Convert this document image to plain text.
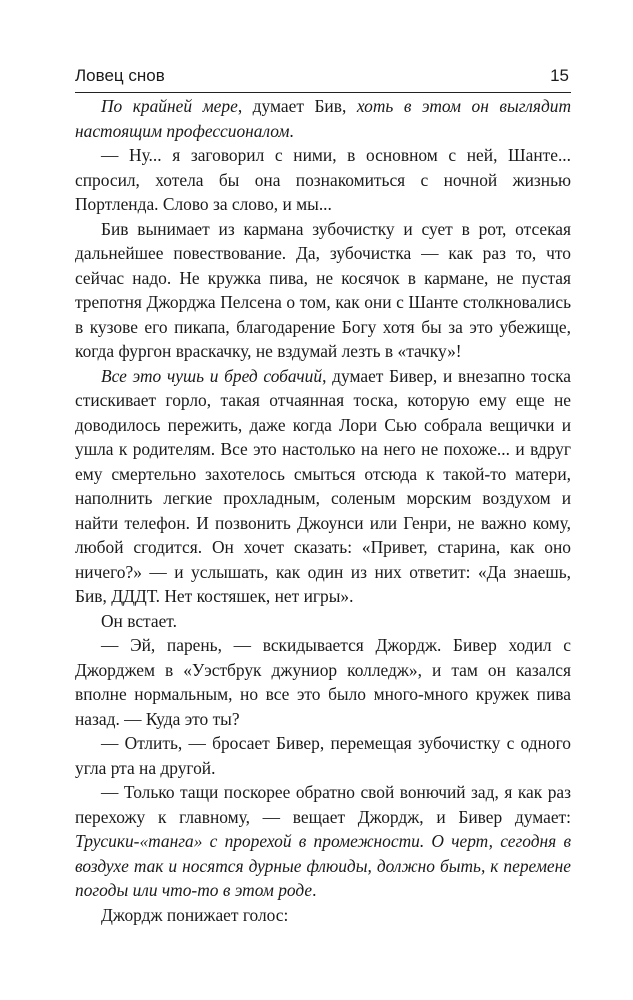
Ловец снов	15

По крайней мере, думает Бив, хоть в этом он выглядит настоящим профессионалом.

— Ну... я заговорил с ними, в основном с ней, Шанте... спросил, хотела бы она познакомиться с ночной жизнью Портленда. Слово за слово, и мы...

Бив вынимает из кармана зубочистку и сует в рот, отсекая дальнейшее повествование. Да, зубочистка — как раз то, что сейчас надо. Не кружка пива, не косячок в кармане, не пустая трепотня Джорджа Пелсена о том, как они с Шанте столкновались в кузове его пикапа, благодарение Богу хотя бы за это убежище, когда фургон враскачку, не вздумай лезть в «тачку»!

Все это чушь и бред собачий, думает Бивер, и внезапно тоска стискивает горло, такая отчаянная тоска, которую ему еще не доводилось пережить, даже когда Лори Сью собрала вещички и ушла к родителям. Все это настолько на него не похоже... и вдруг ему смертельно захотелось смыться отсюда к такой-то матери, наполнить легкие прохладным, соленым морским воздухом и найти телефон. И позвонить Джоунси или Генри, не важно кому, любой сгодится. Он хочет сказать: «Привет, старина, как оно ничего?» — и услышать, как один из них ответит: «Да знаешь, Бив, ДДДТ. Нет костяшек, нет игры».

Он встает.

— Эй, парень, — вскидывается Джордж. Бивер ходил с Джорджем в «Уэстбрук джуниор колледж», и там он казался вполне нормальным, но все это было много-много кружек пива назад. — Куда это ты?

— Отлить, — бросает Бивер, перемещая зубочистку с одного угла рта на другой.

— Только тащи поскорее обратно свой вонючий зад, я как раз перехожу к главному, — вещает Джордж, и Бивер думает: Трусики-«танга» с прорехой в промежности. О черт, сегодня в воздухе так и носятся дурные флюиды, должно быть, к перемене погоды или что-то в этом роде.

Джордж понижает голос:
